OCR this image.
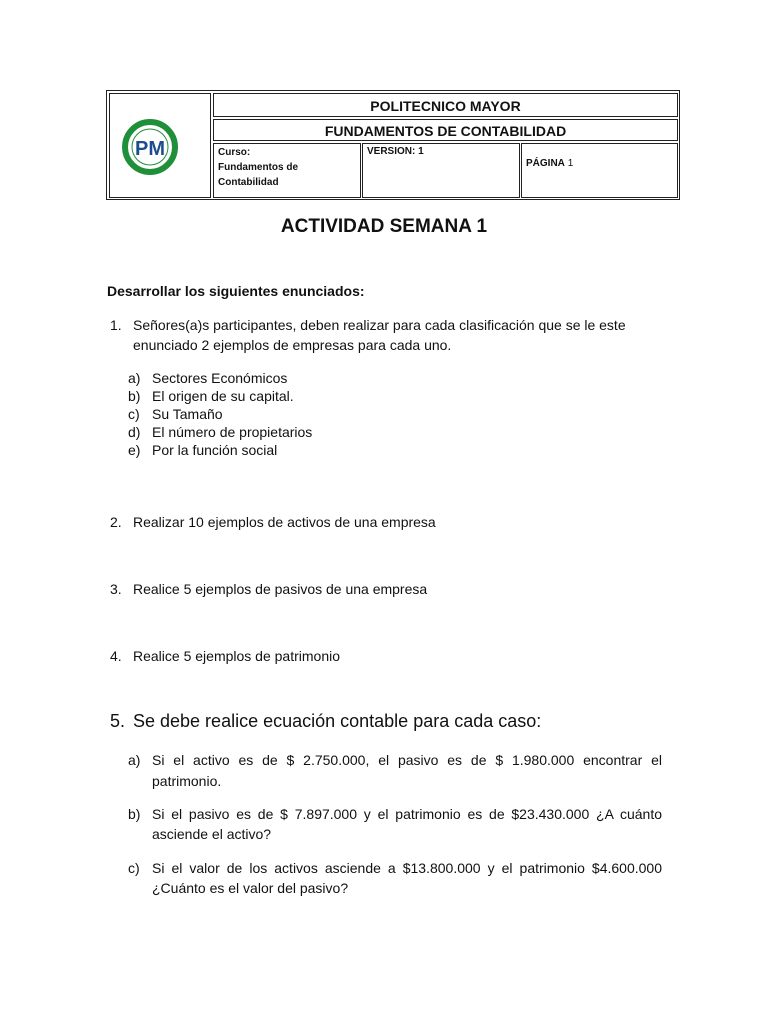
PM
POLITECNICO MAYOR
FUNDAMENTOS DE CONTABILIDAD
Curso:
Fundamentos de
Contabilidad
VERSION: 1
PÁGINA 1
ACTIVIDAD SEMANA 1
Desarrollar los siguientes enunciados:
1. Señores(a)s participantes, deben realizar para cada clasificación que se le este
enunciado 2 ejemplos de empresas para cada uno.
a) Sectores Económicos
b) El origen de su capital.
c) Su Tamaño
d) El número de propietarios
e) Por la función social
2. Realizar 10 ejemplos de activos de una empresa
3. Realice 5 ejemplos de pasivos de una empresa
4. Realice 5 ejemplos de patrimonio
5. Se debe realice ecuación contable para cada caso:
a) Si el activo es de $ 2.750.000, el pasivo es de $ 1.980.000 encontrar el
patrimonio.
b) Si el pasivo es de $ 7.897.000 y el patrimonio es de $23.430.000 ¿A cuánto
asciende el activo?
c) Si el valor de los activos asciende a $13.800.000 y el patrimonio $4.600.000
¿Cuánto es el valor del pasivo?
